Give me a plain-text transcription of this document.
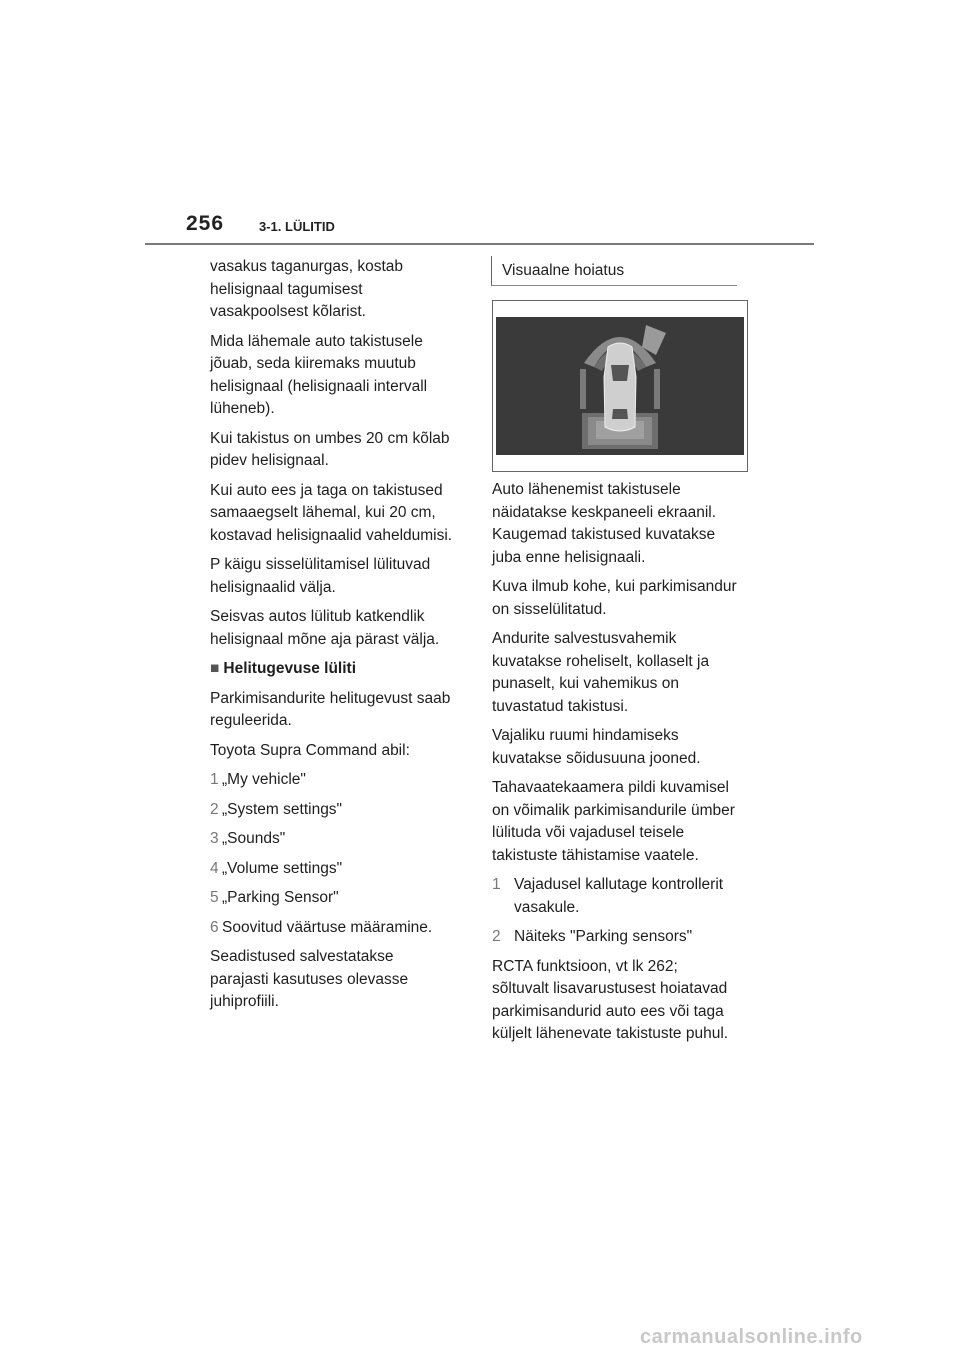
256	3-1. LÜLITID

vasakus taganurgas, kostab
helisignaal tagumisest
vasakpoolsest kõlarist.

Mida lähemale auto takistusele
jõuab, seda kiiremaks muutub
helisignaal (helisignaali intervall
lüheneb).

Kui takistus on umbes 20 cm kõlab
pidev helisignaal.

Kui auto ees ja taga on takistused
samaaegselt lähemal, kui 20 cm,
kostavad helisignaalid vaheldumisi.

P käigu sisselülitamisel lülituvad
helisignaalid välja.

Seisvas autos lülitub katkendlik
helisignaal mõne aja pärast välja.

■ Helitugevuse lüliti

Parkimisandurite helitugevust saab
reguleerida.

Toyota Supra Command abil:

1 „My vehicle"
2 „System settings"
3 „Sounds"
4 „Volume settings"
5 „Parking Sensor"
6 Soovitud väärtuse määramine.

Seadistused salvestatakse
parajasti kasutuses olevasse
juhiprofiili.

Visuaalne hoiatus

Auto lähenemist takistusele
näidatakse keskpaneeli ekraanil.
Kaugemad takistused kuvatakse
juba enne helisignaali.

Kuva ilmub kohe, kui parkimisandur
on sisselülitatud.

Andurite salvestusvahemik
kuvatakse roheliselt, kollaselt ja
punaselt, kui vahemikus on
tuvastatud takistusi.

Vajaliku ruumi hindamiseks
kuvatakse sõidusuuna jooned.

Tahavaatekaamera pildi kuvamisel
on võimalik parkimisandurile ümber
lülituda või vajadusel teisele
takistuste tähistamise vaatele.

1 Vajadusel kallutage kontrollerit
vasakule.
2 Näiteks "Parking sensors"

RCTA funktsioon, vt lk 262;
sõltuvalt lisavarustusest hoiatavad
parkimisandurid auto ees või taga
küljelt lähenevate takistuste puhul.

carmanualsonline.info
